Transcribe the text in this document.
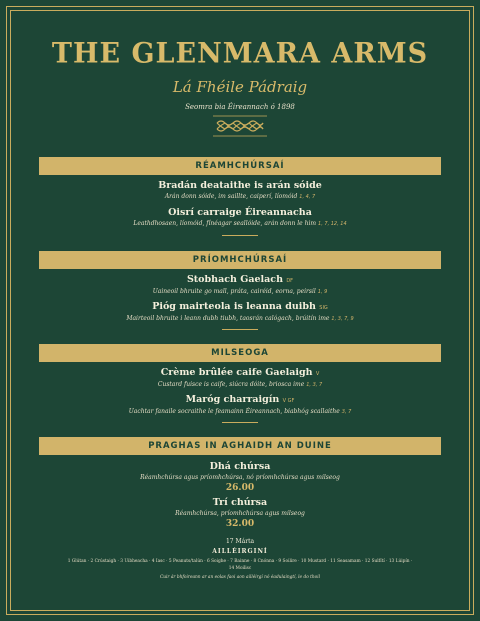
THE GLENMARA ARMS
Lá Fhéile Pádraig
Seomra bia Éireannach ó 1898
RÉAMHCHÚRSAÍ
Bradán deataithe is arán sóide
Arán donn sóide, im saillte, caiperí, líomóid 1, 4, 7
Oisrí carraige Éireannacha
Leathdhosaen, líomóid, fínéagar seallóide, arán donn le him 1, 7, 12, 14
PRÍOMHCHÚRSAÍ
Stobhach Gaelach DF
Uaineoil bhruite go mall, práta, cairéid, eorna, peirsil 1, 9
Pióg mairteola is leanna duibh SIG
Mairteoil bhruite i leann dubh tiubh, taosrán calógach, brúitín ime 1, 3, 7, 9
MILSEOGA
Crème brûlée caife Gaelaigh V
Custard fuisce is caife, siúcra dóite, briosca ime 1, 3, 7
Maróg charraigín V GF
Uachtar fanaile socraithe le feamainn Éireannach, biabhóg scallaithe 3, 7
PRAGHAS IN AGHAIDH AN DUINE
Dhá chúrsa
Réamhchúrsa agus príomhchúrsa, nó príomhchúrsa agus milseog
26.00
Trí chúrsa
Réamhchúrsa, príomhchúrsa agus milseog
32.00
17 Márta
AILLÉIRGINÍ
1 Glútan · 2 Crústaigh · 3 Uibheacha · 4 Iasc · 5 Peanuts/talún · 6 Soighe · 7 Bainne · 8 Cnónna · 9 Soilire · 10 Mustard · 11 Seasamam · 12 Sulfítí · 13 Lúipín ·
14 Moilisc
Cuir ár bhfoireann ar an eolas faoi aon ailléirgí nó éadulaingtí, le do thoil
